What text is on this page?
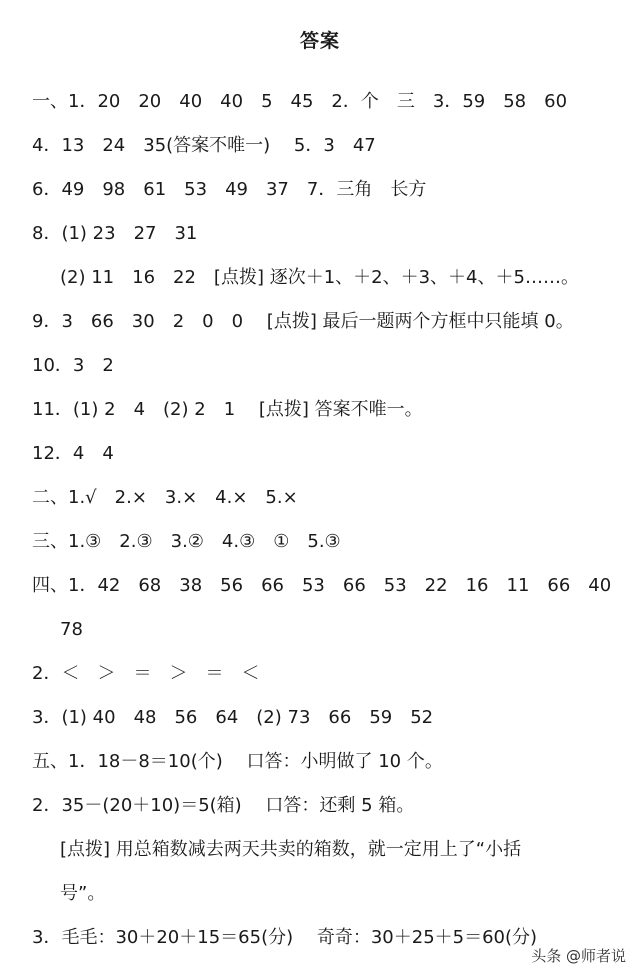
答案
一、1．20　20　40　40　5　45　2．个　三　3．59　58　60
4．13　24　35(答案不唯一)　 5．3　47
6．49　98　61　53　49　37　7．三角　长方
8．(1) 23　27　31
(2) 11　16　22　[点拨] 逐次＋1、＋2、＋3、＋4、＋5……。
9．3　66　30　2　0　0　 [点拨] 最后一题两个方框中只能填 0。
10．3　2
11．(1) 2　4　(2) 2　1　 [点拨] 答案不唯一。
12．4　4
二、1.√　2.×　3.×　4.×　5.×
三、1.③　2.③　3.②　4.③　①　5.③
四、1．42　68　38　56　66　53　66　53　22　16　11　66　40
78
2．＜　＞　＝　＞　＝　＜
3．(1) 40　48　56　64　(2) 73　66　59　52
五、1．18－8＝10(个)　 口答：小明做了 10 个。
2．35－(20＋10)＝5(箱)　 口答：还剩 5 箱。
[点拨] 用总箱数减去两天共卖的箱数，就一定用上了“小括
号”。
3．毛毛：30＋20＋15＝65(分)　 奇奇：30＋25＋5＝60(分)
头条 @师者说
